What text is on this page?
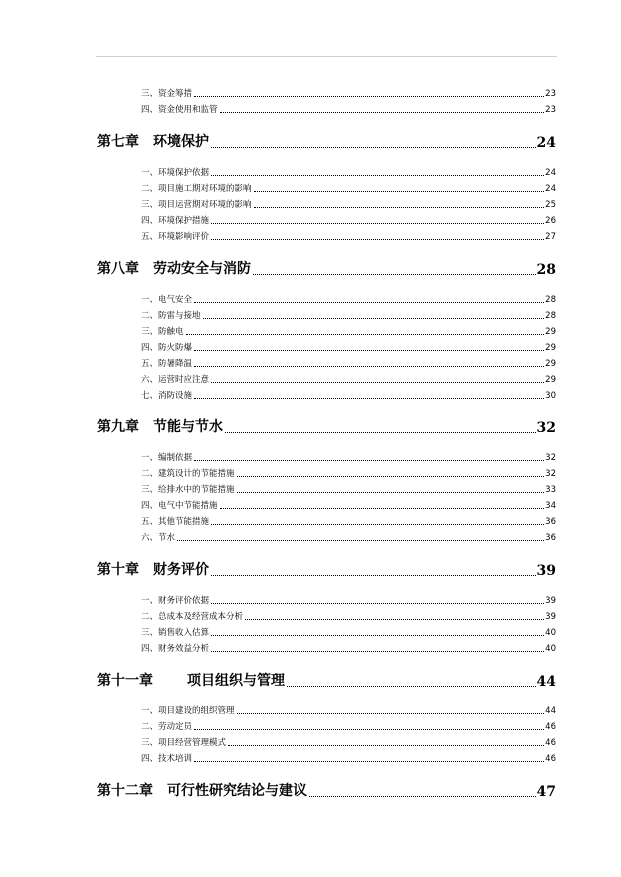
三、资金筹措	23
四、资金使用和监管	23
第七章 环境保护	24
一、环境保护依据	24
二、项目施工期对环境的影响	24
三、项目运营期对环境的影响	25
四、环境保护措施	26
五、环境影响评价	27
第八章 劳动安全与消防	28
一、电气安全	28
二、防雷与接地	28
三、防触电	29
四、防火防爆	29
五、防暑降温	29
六、运营时应注意	29
七、消防设施	30
第九章 节能与节水	32
一、编制依据	32
二、建筑设计的节能措施	32
三、给排水中的节能措施	33
四、电气中节能措施	34
五、其他节能措施	36
六、节水	36
第十章 财务评价	39
一、财务评价依据	39
二、总成本及经营成本分析	39
三、销售收入估算	40
四、财务效益分析	40
第十一章 项目组织与管理	44
一、项目建设的组织管理	44
二、劳动定员	46
三、项目经营管理模式	46
四、技术培训	46
第十二章 可行性研究结论与建议	47
